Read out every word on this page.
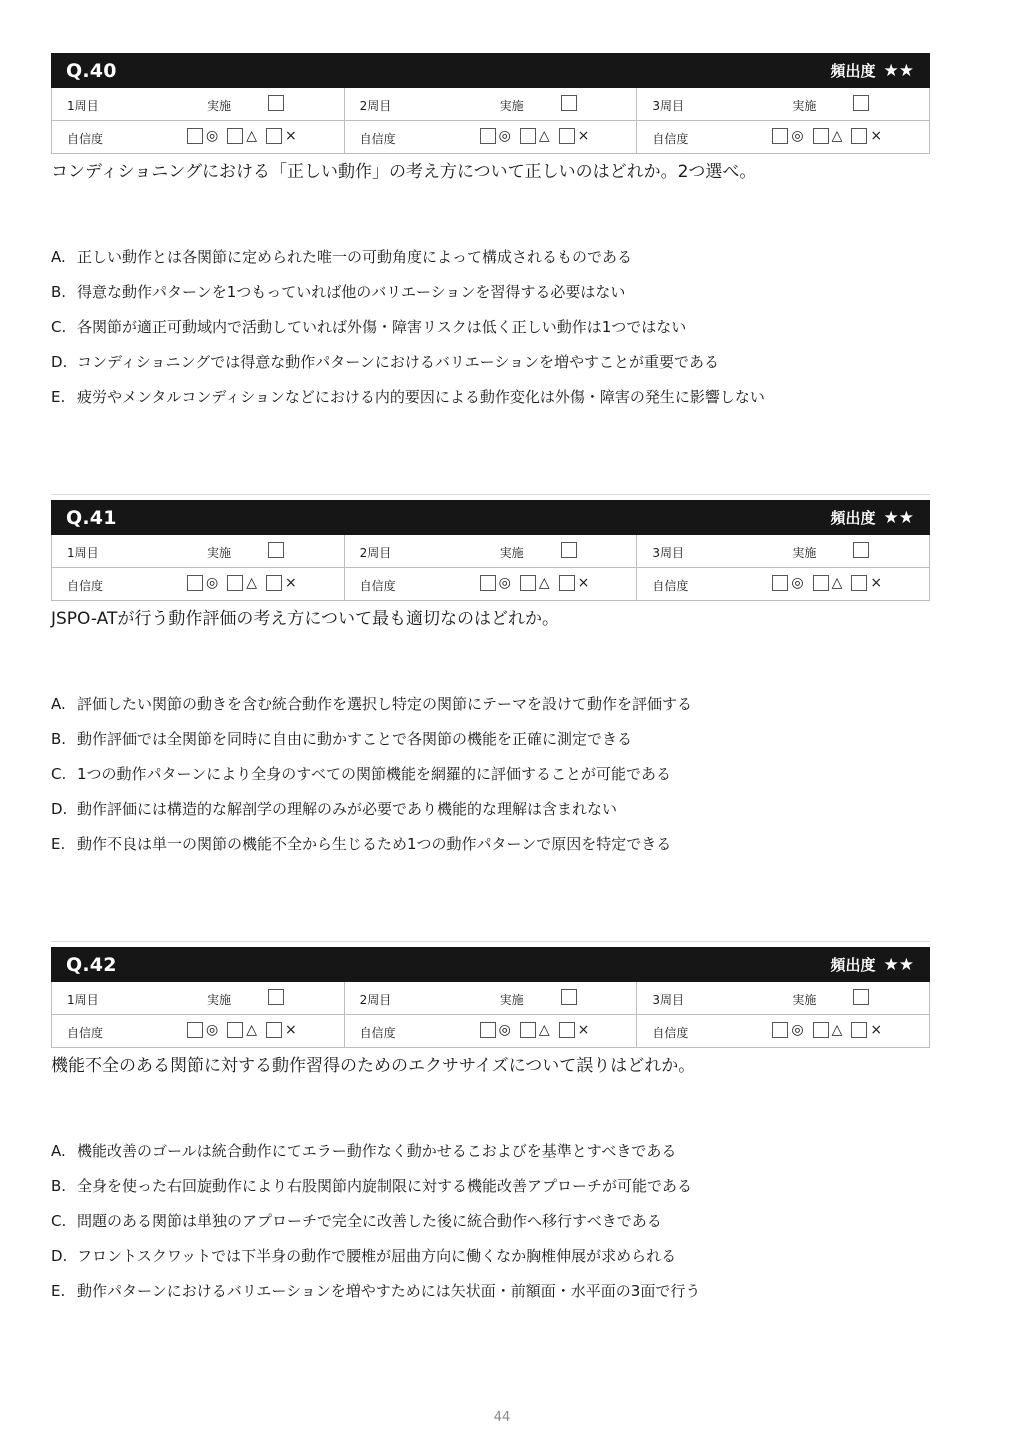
Q.40	頻出度 ★★
1周目	実施	2周目	実施	3周目	実施
自信度	◎ △ ×	自信度	◎ △ ×	自信度	◎ △ ×
コンディショニングにおける「正しい動作」の考え方について正しいのはどれか。2つ選べ。
A. 正しい動作とは各関節に定められた唯一の可動角度によって構成されるものである
B. 得意な動作パターンを1つもっていれば他のバリエーションを習得する必要はない
C. 各関節が適正可動域内で活動していれば外傷・障害リスクは低く正しい動作は1つではない
D. コンディショニングでは得意な動作パターンにおけるバリエーションを増やすことが重要である
E. 疲労やメンタルコンディションなどにおける内的要因による動作変化は外傷・障害の発生に影響しない
Q.41	頻出度 ★★
1周目	実施	2周目	実施	3周目	実施
自信度	◎ △ ×	自信度	◎ △ ×	自信度	◎ △ ×
JSPO-ATが行う動作評価の考え方について最も適切なのはどれか。
A. 評価したい関節の動きを含む統合動作を選択し特定の関節にテーマを設けて動作を評価する
B. 動作評価では全関節を同時に自由に動かすことで各関節の機能を正確に測定できる
C. 1つの動作パターンにより全身のすべての関節機能を網羅的に評価することが可能である
D. 動作評価には構造的な解剖学の理解のみが必要であり機能的な理解は含まれない
E. 動作不良は単一の関節の機能不全から生じるため1つの動作パターンで原因を特定できる
Q.42	頻出度 ★★
1周目	実施	2周目	実施	3周目	実施
自信度	◎ △ ×	自信度	◎ △ ×	自信度	◎ △ ×
機能不全のある関節に対する動作習得のためのエクササイズについて誤りはどれか。
A. 機能改善のゴールは統合動作にてエラー動作なく動かせるこおよびを基準とすべきである
B. 全身を使った右回旋動作により右股関節内旋制限に対する機能改善アプローチが可能である
C. 問題のある関節は単独のアプローチで完全に改善した後に統合動作へ移行すべきである
D. フロントスクワットでは下半身の動作で腰椎が屈曲方向に働くなか胸椎伸展が求められる
E. 動作パターンにおけるバリエーションを増やすためには矢状面・前額面・水平面の3面で行う
44
